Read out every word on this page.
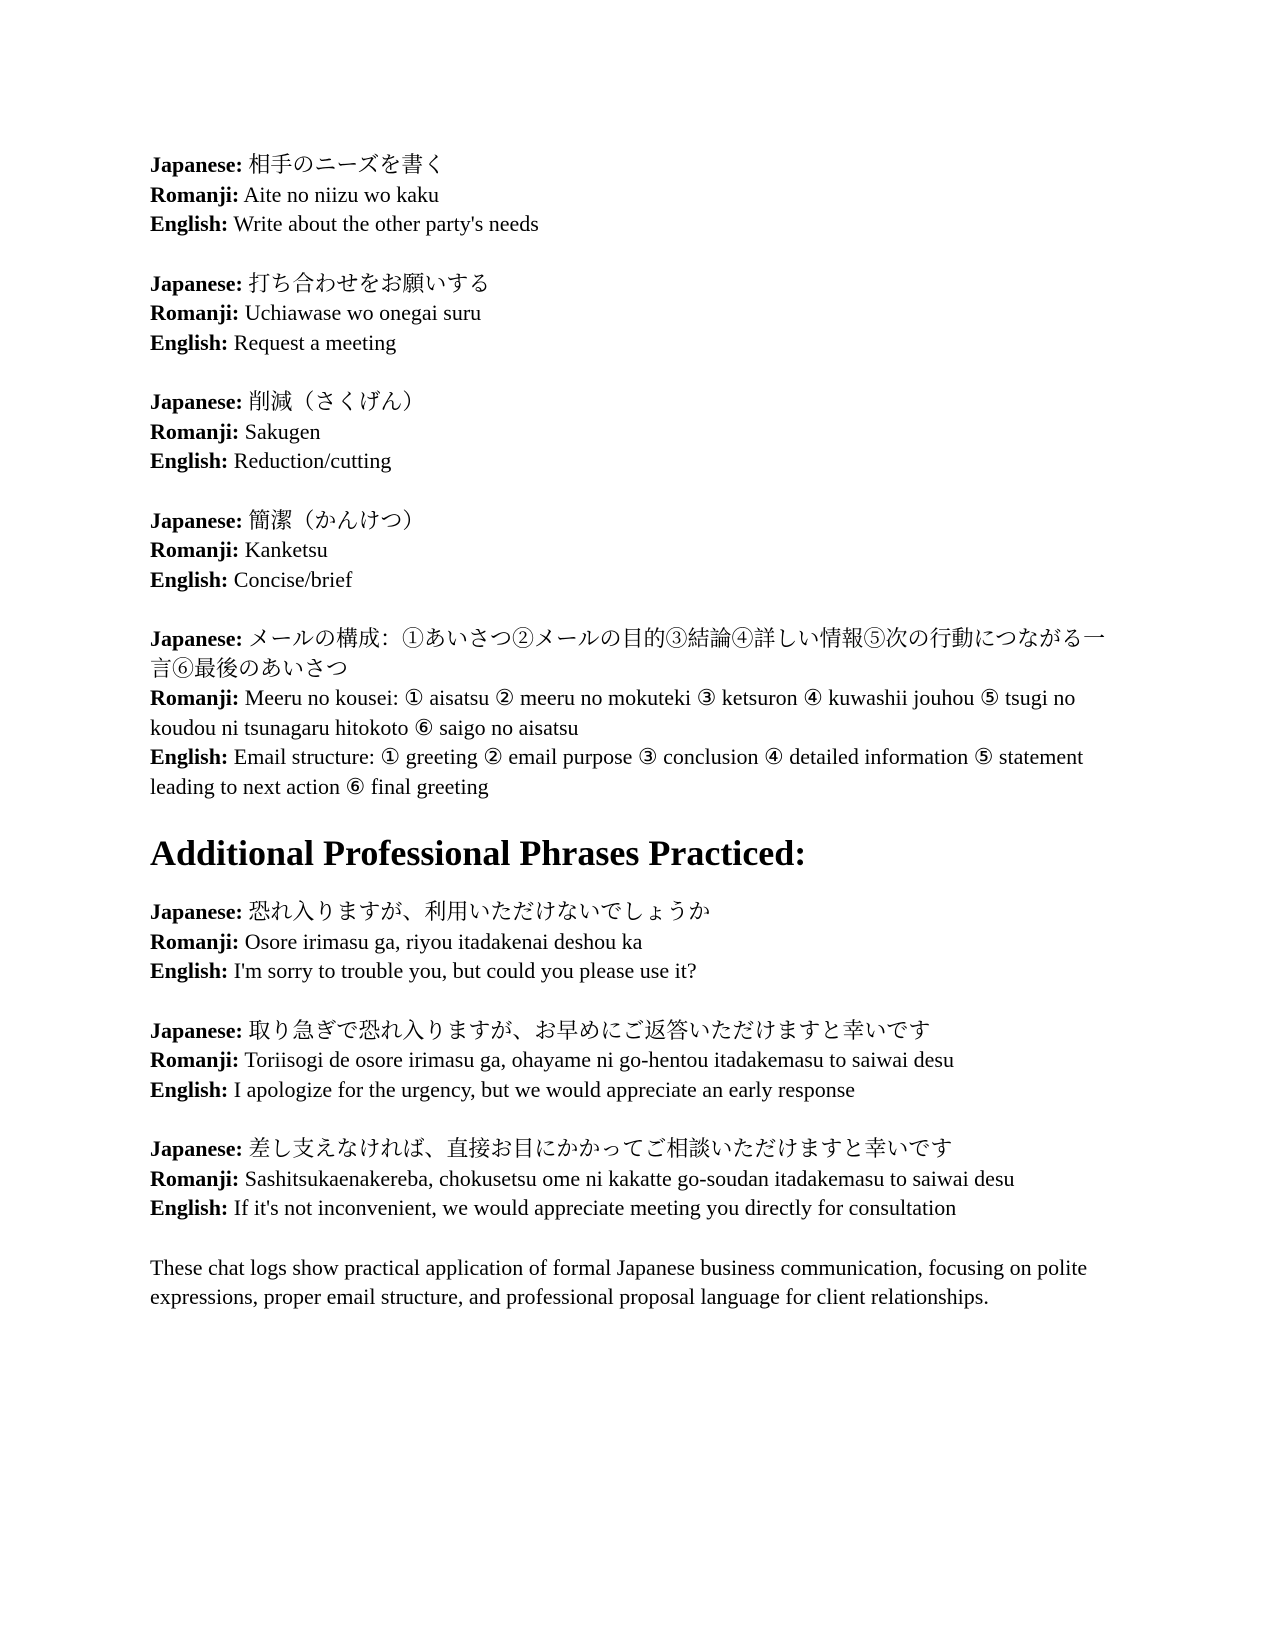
Japanese: 相手のニーズを書く
Romanji: Aite no niizu wo kaku
English: Write about the other party's needs
Japanese: 打ち合わせをお願いする
Romanji: Uchiawase wo onegai suru
English: Request a meeting
Japanese: 削減（さくげん）
Romanji: Sakugen
English: Reduction/cutting
Japanese: 簡潔（かんけつ）
Romanji: Kanketsu
English: Concise/brief
Japanese: メールの構成：①あいさつ②メールの目的③結論④詳しい情報⑤次の行動につながる一言⑥最後のあいさつ
Romanji: Meeru no kousei: ① aisatsu ② meeru no mokuteki ③ ketsuron ④ kuwashii jouhou ⑤ tsugi no koudou ni tsunagaru hitokoto ⑥ saigo no aisatsu
English: Email structure: ① greeting ② email purpose ③ conclusion ④ detailed information ⑤ statement leading to next action ⑥ final greeting
Additional Professional Phrases Practiced:
Japanese: 恐れ入りますが、利用いただけないでしょうか
Romanji: Osore irimasu ga, riyou itadakenai deshou ka
English: I'm sorry to trouble you, but could you please use it?
Japanese: 取り急ぎで恐れ入りますが、お早めにご返答いただけますと幸いです
Romanji: Toriisogi de osore irimasu ga, ohayame ni go-hentou itadakemasu to saiwai desu
English: I apologize for the urgency, but we would appreciate an early response
Japanese: 差し支えなければ、直接お目にかかってご相談いただけますと幸いです
Romanji: Sashitsukaenakereba, chokusetsu ome ni kakatte go-soudan itadakemasu to saiwai desu
English: If it's not inconvenient, we would appreciate meeting you directly for consultation

These chat logs show practical application of formal Japanese business communication, focusing on polite expressions, proper email structure, and professional proposal language for client relationships.
